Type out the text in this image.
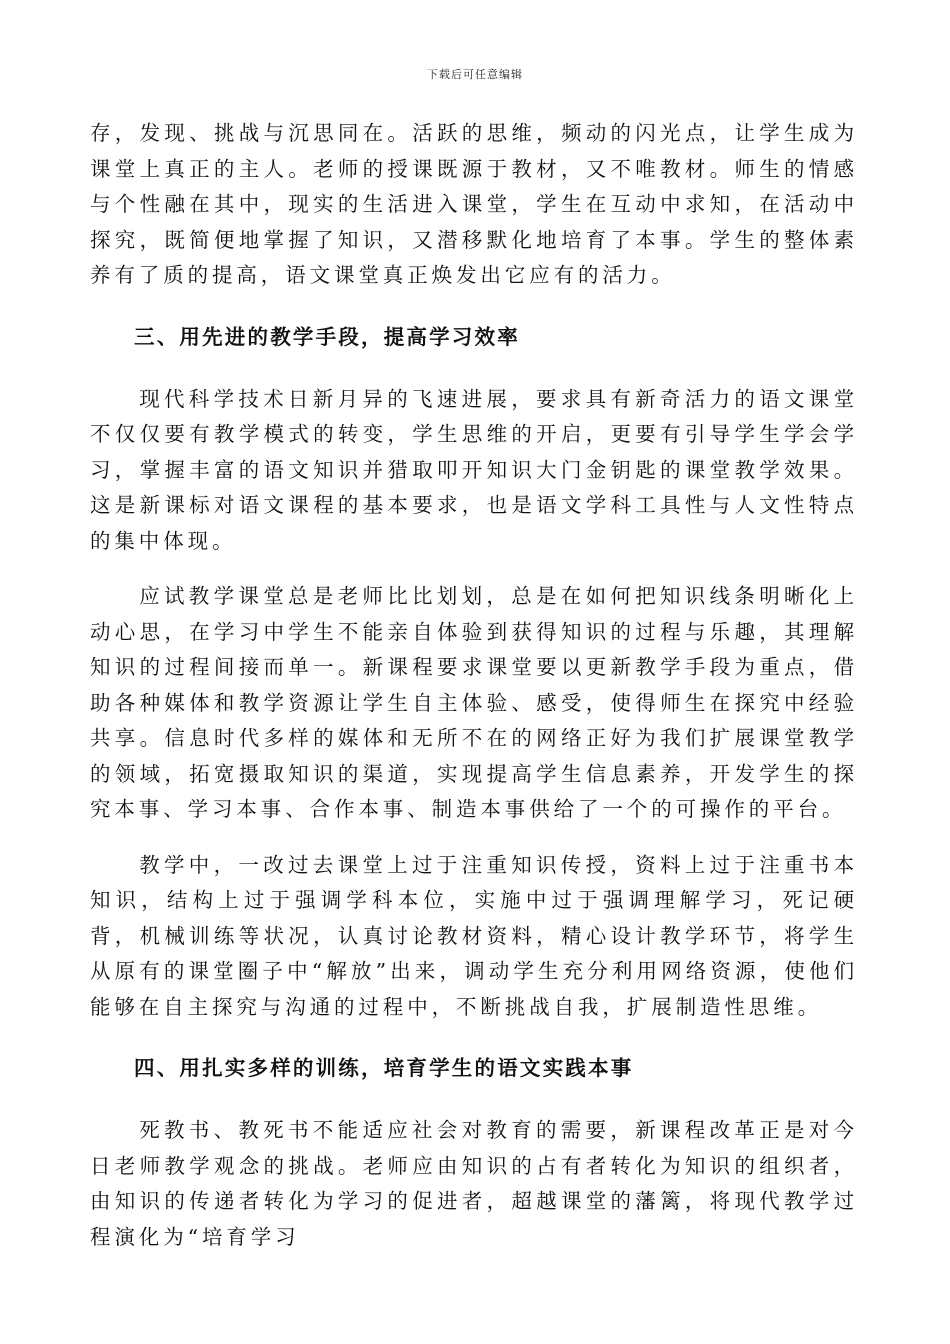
下载后可任意编辑

存，发现、挑战与沉思同在。活跃的思维，频动的闪光点，让学生成为课堂上真正的主人。老师的授课既源于教材，又不唯教材。师生的情感与个性融在其中，现实的生活进入课堂，学生在互动中求知，在活动中探究，既简便地掌握了知识，又潜移默化地培育了本事。学生的整体素养有了质的提高，语文课堂真正焕发出它应有的活力。

三、用先进的教学手段，提高学习效率

现代科学技术日新月异的飞速进展，要求具有新奇活力的语文课堂不仅仅要有教学模式的转变，学生思维的开启，更要有引导学生学会学习，掌握丰富的语文知识并猎取叩开知识大门金钥匙的课堂教学效果。这是新课标对语文课程的基本要求，也是语文学科工具性与人文性特点的集中体现。

应试教学课堂总是老师比比划划，总是在如何把知识线条明晰化上动心思，在学习中学生不能亲自体验到获得知识的过程与乐趣，其理解知识的过程间接而单一。新课程要求课堂要以更新教学手段为重点，借助各种媒体和教学资源让学生自主体验、感受，使得师生在探究中经验共享。信息时代多样的媒体和无所不在的网络正好为我们扩展课堂教学的领域，拓宽摄取知识的渠道，实现提高学生信息素养，开发学生的探究本事、学习本事、合作本事、制造本事供给了一个的可操作的平台。

教学中，一改过去课堂上过于注重知识传授，资料上过于注重书本知识，结构上过于强调学科本位，实施中过于强调理解学习，死记硬背，机械训练等状况，认真讨论教材资料，精心设计教学环节，将学生从原有的课堂圈子中“解放”出来，调动学生充分利用网络资源，使他们能够在自主探究与沟通的过程中，不断挑战自我，扩展制造性思维。

四、用扎实多样的训练，培育学生的语文实践本事

死教书、教死书不能适应社会对教育的需要，新课程改革正是对今日老师教学观念的挑战。老师应由知识的占有者转化为知识的组织者，由知识的传递者转化为学习的促进者，超越课堂的藩篱，将现代教学过程演化为“培育学习
